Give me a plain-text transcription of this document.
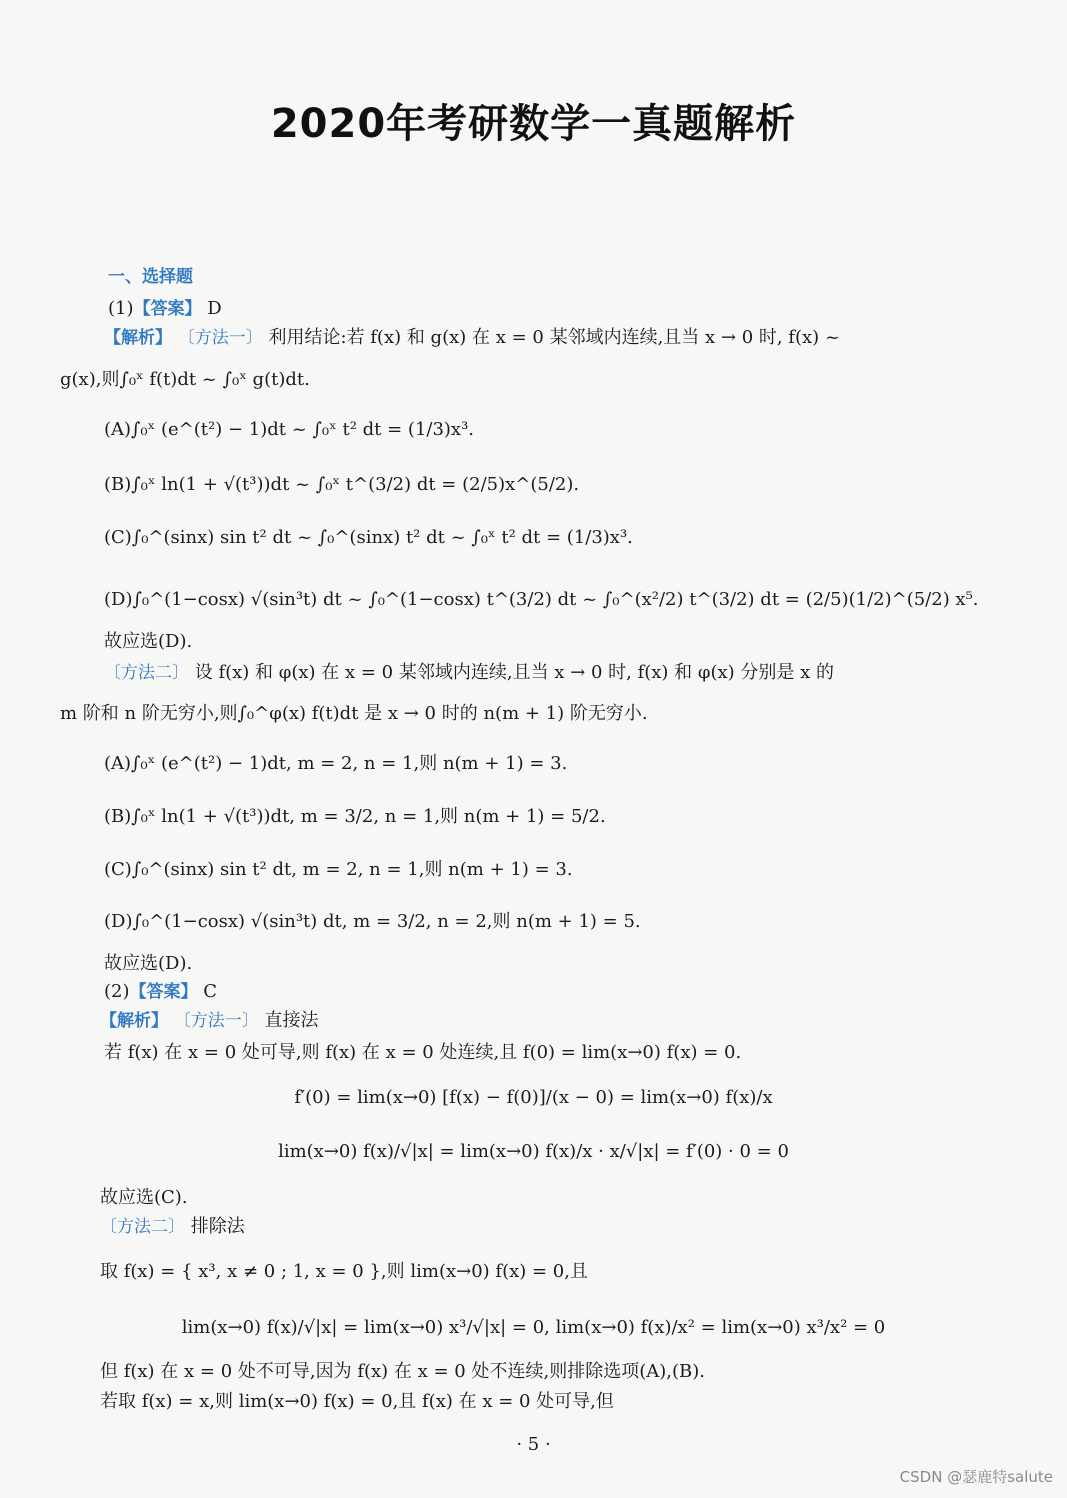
2020年考研数学一真题解析
一、选择题
(1)【答案】 D
【解析】 〔方法一〕 利用结论:若 f(x) 和 g(x) 在 x = 0 某邻域内连续,且当 x → 0 时, f(x) ~
g(x),则∫₀ˣ f(t)dt ~ ∫₀ˣ g(t)dt.
(A)∫₀ˣ (e^(t²) − 1)dt ~ ∫₀ˣ t² dt = (1/3)x³.
(B)∫₀ˣ ln(1 + √(t³))dt ~ ∫₀ˣ t^(3/2) dt = (2/5)x^(5/2).
(C)∫₀^(sinx) sin t² dt ~ ∫₀^(sinx) t² dt ~ ∫₀ˣ t² dt = (1/3)x³.
(D)∫₀^(1−cosx) √(sin³t) dt ~ ∫₀^(1−cosx) t^(3/2) dt ~ ∫₀^(x²/2) t^(3/2) dt = (2/5)(1/2)^(5/2) x⁵.
故应选(D).
〔方法二〕 设 f(x) 和 φ(x) 在 x = 0 某邻域内连续,且当 x → 0 时, f(x) 和 φ(x) 分别是 x 的
m 阶和 n 阶无穷小,则∫₀^φ(x) f(t)dt 是 x → 0 时的 n(m + 1) 阶无穷小.
(A)∫₀ˣ (e^(t²) − 1)dt, m = 2, n = 1,则 n(m + 1) = 3.
(B)∫₀ˣ ln(1 + √(t³))dt, m = 3/2, n = 1,则 n(m + 1) = 5/2.
(C)∫₀^(sinx) sin t² dt, m = 2, n = 1,则 n(m + 1) = 3.
(D)∫₀^(1−cosx) √(sin³t) dt, m = 3/2, n = 2,则 n(m + 1) = 5.
故应选(D).
(2)【答案】 C
【解析】 〔方法一〕 直接法
若 f(x) 在 x = 0 处可导,则 f(x) 在 x = 0 处连续,且 f(0) = lim(x→0) f(x) = 0.
f′(0) = lim(x→0) [f(x) − f(0)]/(x − 0) = lim(x→0) f(x)/x
lim(x→0) f(x)/√|x| = lim(x→0) f(x)/x · x/√|x| = f′(0) · 0 = 0
故应选(C).
〔方法二〕 排除法
取 f(x) = { x³, x ≠ 0 ; 1, x = 0 },则 lim(x→0) f(x) = 0,且
lim(x→0) f(x)/√|x| = lim(x→0) x³/√|x| = 0, lim(x→0) f(x)/x² = lim(x→0) x³/x² = 0
但 f(x) 在 x = 0 处不可导,因为 f(x) 在 x = 0 处不连续,则排除选项(A),(B).
若取 f(x) = x,则 lim(x→0) f(x) = 0,且 f(x) 在 x = 0 处可导,但
· 5 ·
CSDN @瑟鹿特salute
